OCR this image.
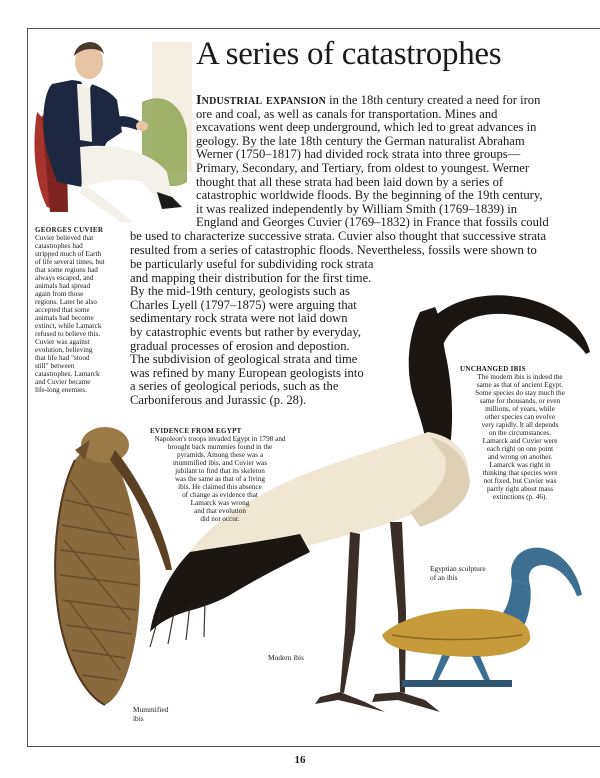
A series of catastrophes
Industrial expansion in the 18th century created a need for iron
ore and coal, as well as canals for transportation. Mines and
excavations went deep underground, which led to great advances in
geology. By the late 18th century the German naturalist Abraham
Werner (1750–1817) had divided rock strata into three groups—
Primary, Secondary, and Tertiary, from oldest to youngest. Werner
thought that all these strata had been laid down by a series of
catastrophic worldwide floods. By the beginning of the 19th century,
it was realized independently by William Smith (1769–1839) in
England and Georges Cuvier (1769–1832) in France that fossils could
be used to characterize successive strata. Cuvier also thought that successive strata
resulted from a series of catastrophic floods. Nevertheless, fossils were shown to
be particularly useful for subdividing rock strata
and mapping their distribution for the first time.
By the mid-19th century, geologists such as
Charles Lyell (1797–1875) were arguing that
sedimentary rock strata were not laid down
by catastrophic events but rather by everyday,
gradual processes of erosion and depostion.
The subdivision of geological strata and time
was refined by many European geologists into
a series of geological periods, such as the
Carboniferous and Jurassic (p. 28).
GEORGES CUVIER
Cuvier believed that
catastrophes had
stripped much of Earth
of life several times, but
that some regions had
always escaped, and
animals had spread
again from those
regions. Later he also
accepted that some
animals had become
extinct, while Lamarck
refused to believe this.
Cuvier was against
evolution, believing
that life had "stood
still" between
catastrophes. Lamarck
and Cuvier became
life-long enemies.
EVIDENCE FROM EGYPT
Napoleon's troops invaded Egypt in 1798 and
brought back mummies found in the
pyramids. Among these was a
mummified ibis, and Cuvier was
jubilant to find that its skeleton
was the same as that of a living
ibis. He claimed this absence
of change as evidence that
Lamarck was wrong
and that evolution
did not occur.
UNCHANGED IBIS
The modern ibis is indeed the
same as that of ancient Egypt.
Some species do stay much the
same for thousands, or even
millions, of years, while
other species can evolve
very rapidly. It all depends
on the circumstances.
Lamarck and Cuvier were
each right on one point
and wrong on another.
Lamarck was right in
thinking that species were
not fixed, but Cuvier was
partly right about mass
extinctions (p. 46).
Egyptian sculpture
of an ibis
Modern ibis
Mummified
ibis
16
